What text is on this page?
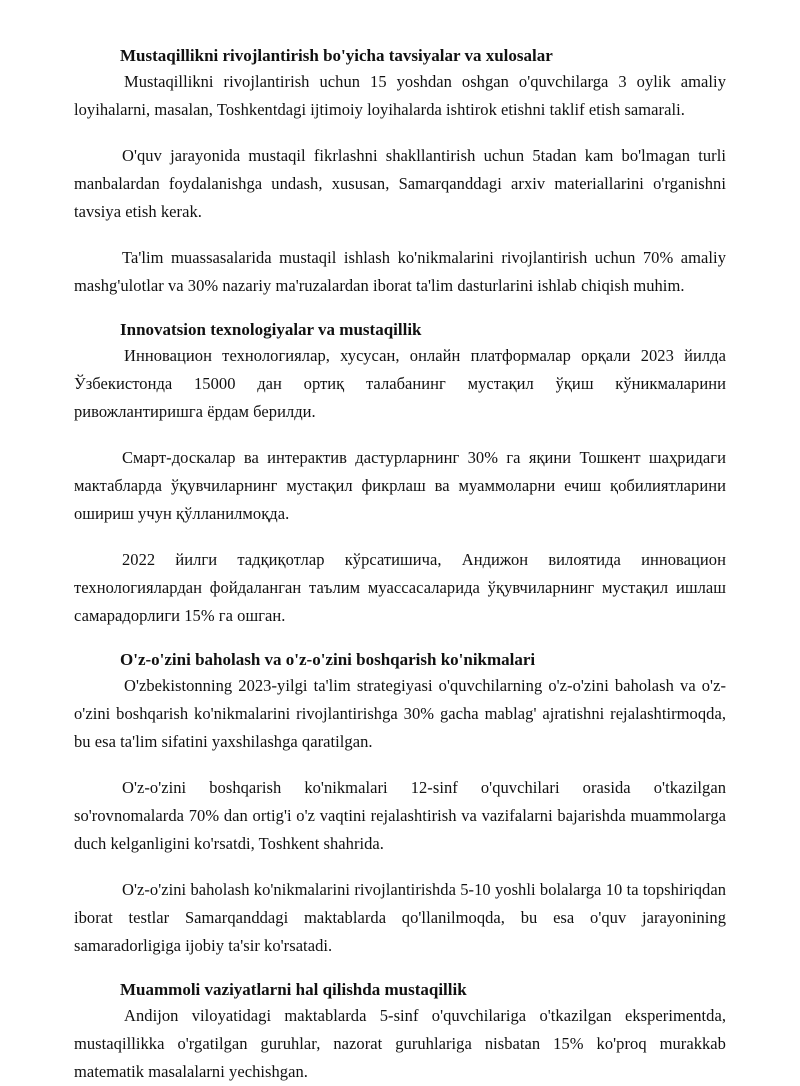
Mustaqillikni rivojlantirish bo'yicha tavsiyalar va xulosalar

Mustaqillikni rivojlantirish uchun 15 yoshdan oshgan o'quvchilarga 3 oylik amaliy loyihalarni, masalan, Toshkentdagi ijtimoiy loyihalarda ishtirok etishni taklif etish samarali.

O'quv jarayonida mustaqil fikrlashni shakllantirish uchun 5tadan kam bo'lmagan turli manbalardan foydalanishga undash, xususan, Samarqanddagi arxiv materiallarini o'rganishni tavsiya etish kerak.

Ta'lim muassasalarida mustaqil ishlash ko'nikmalarini rivojlantirish uchun 70% amaliy mashg'ulotlar va 30% nazariy ma'ruzalardan iborat ta'lim dasturlarini ishlab chiqish muhim.

Innovatsion texnologiyalar va mustaqillik

Инновацион технологиялар, хусусан, онлайн платформалар орқали 2023 йилда Ўзбекистонда 15000 дан ортиқ талабанинг мустақил ўқиш кўникмаларини ривожлантиришга ёрдам берилди.

Смарт-доскалар ва интерактив дастурларнинг 30% га яқини Тошкент шаҳридаги мактабларда ўқувчиларнинг мустақил фикрлаш ва муаммоларни ечиш қобилиятларини ошириш учун қўлланилмоқда.

2022 йилги тадқиқотлар кўрсатишича, Андижон вилоятида инновацион технологиялардан фойдаланган таълим муассасаларида ўқувчиларнинг мустақил ишлаш самарадорлиги 15% га ошган.

O'z-o'zini baholash va o'z-o'zini boshqarish ko'nikmalari

O'zbekistonning 2023-yilgi ta'lim strategiyasi o'quvchilarning o'z-o'zini baholash va o'z-o'zini boshqarish ko'nikmalarini rivojlantirishga 30% gacha mablag' ajratishni rejalashtirmoqda, bu esa ta'lim sifatini yaxshilashga qaratilgan.

O'z-o'zini boshqarish ko'nikmalari 12-sinf o'quvchilari orasida o'tkazilgan so'rovnomalarda 70% dan ortig'i o'z vaqtini rejalashtirish va vazifalarni bajarishda muammolarga duch kelganligini ko'rsatdi, Toshkent shahrida.

O'z-o'zini baholash ko'nikmalarini rivojlantirishda 5-10 yoshli bolalarga 10 ta topshiriqdan iborat testlar Samarqanddagi maktablarda qo'llanilmoqda, bu esa o'quv jarayonining samaradorligiga ijobiy ta'sir ko'rsatadi.

Muammoli vaziyatlarni hal qilishda mustaqillik

Andijon viloyatidagi maktablarda 5-sinf o'quvchilariga o'tkazilgan eksperimentda, mustaqillikka o'rgatilgan guruhlar, nazorat guruhlariga nisbatan 15% ko'proq murakkab matematik masalalarni yechishgan.
